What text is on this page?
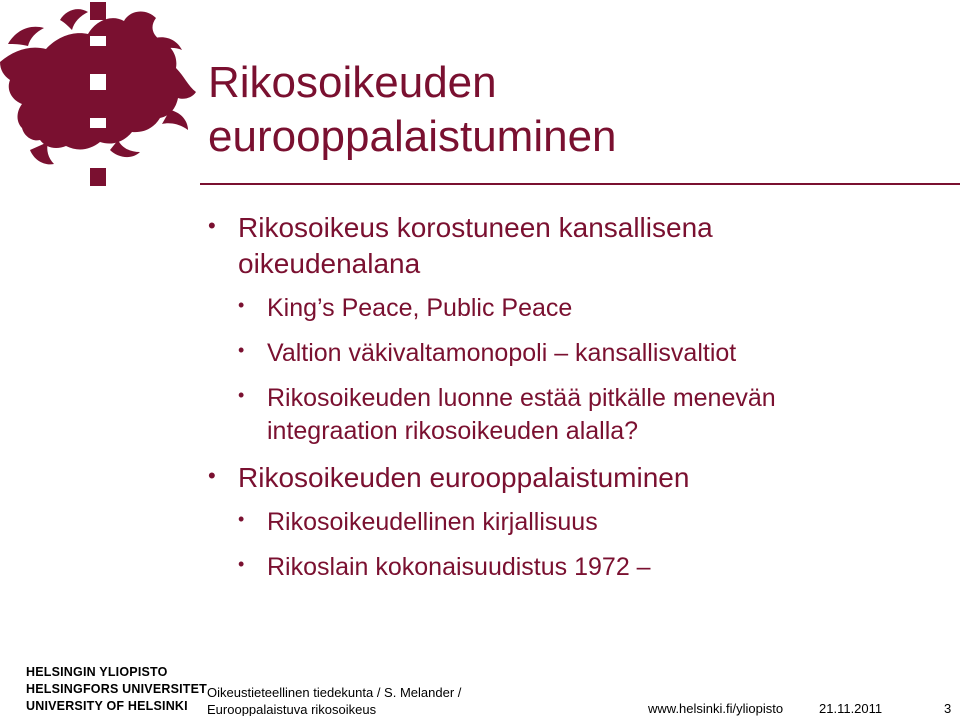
Rikosoikeuden
eurooppalaistuminen
• Rikosoikeus korostuneen kansallisena
oikeudenalana
• King’s Peace, Public Peace
• Valtion väkivaltamonopoli – kansallisvaltiot
• Rikosoikeuden luonne estää pitkälle menevän
integraation rikosoikeuden alalla?
• Rikosoikeuden eurooppalaistuminen
• Rikosoikeudellinen kirjallisuus
• Rikoslain kokonaisuudistus 1972 –
HELSINGIN YLIOPISTO
HELSINGFORS UNIVERSITET
UNIVERSITY OF HELSINKI
Oikeustieteellinen tiedekunta / S. Melander /
Eurooppalaistuva rikosoikeus	www.helsinki.fi/yliopisto	21.11.2011	3
